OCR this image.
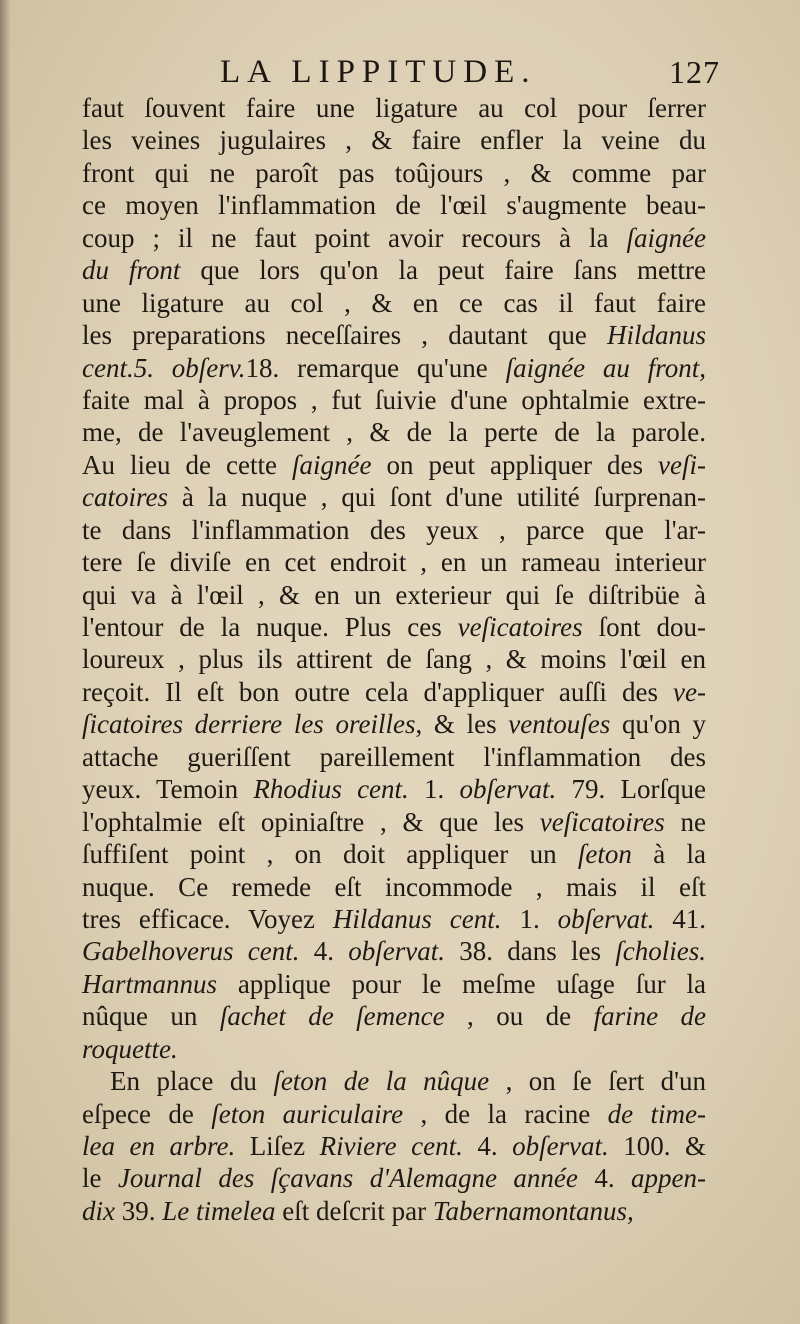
LA LIPPITUDE.	127
faut ſouvent faire une ligature au col pour ſerrer
les veines jugulaires , & faire enfler la veine du
front qui ne paroît pas toûjours , & comme par
ce moyen l'inflammation de l'œil s'augmente beau-
coup ; il ne faut point avoir recours à la ſaignée
du front que lors qu'on la peut faire ſans mettre
une ligature au col , & en ce cas il faut faire
les preparations neceſſaires , dautant que Hildanus
cent.5. obſerv.18. remarque qu'une ſaignée au front,
faite mal à propos , fut ſuivie d'une ophtalmie extre-
me, de l'aveuglement , & de la perte de la parole.
Au lieu de cette ſaignée on peut appliquer des veſi-
catoires à la nuque , qui ſont d'une utilité ſurprenan-
te dans l'inflammation des yeux , parce que l'ar-
tere ſe diviſe en cet endroit , en un rameau interieur
qui va à l'œil , & en un exterieur qui ſe diſtribüe à
l'entour de la nuque. Plus ces veſicatoires ſont dou-
loureux , plus ils attirent de ſang , & moins l'œil en
reçoit. Il eſt bon outre cela d'appliquer auſſi des ve-
ſicatoires derriere les oreilles, & les ventouſes qu'on y
attache gueriſſent pareillement l'inflammation des
yeux. Temoin Rhodius cent. 1. obſervat. 79. Lorſque
l'ophtalmie eſt opiniaſtre , & que les veſicatoires ne
ſuffiſent point , on doit appliquer un ſeton à la
nuque. Ce remede eſt incommode , mais il eſt
tres efficace. Voyez Hildanus cent. 1. obſervat. 41.
Gabelhoverus cent. 4. obſervat. 38. dans les ſcholies.
Hartmannus applique pour le meſme uſage ſur la
nûque un ſachet de ſemence , ou de farine de
roquette.
En place du ſeton de la nûque , on ſe ſert d'un
eſpece de ſeton auriculaire , de la racine de time-
lea en arbre. Liſez Riviere cent. 4. obſervat. 100. &
le Journal des ſçavans d'Alemagne année 4. appen-
dix 39. Le timelea eſt deſcrit par Tabernamontanus,
